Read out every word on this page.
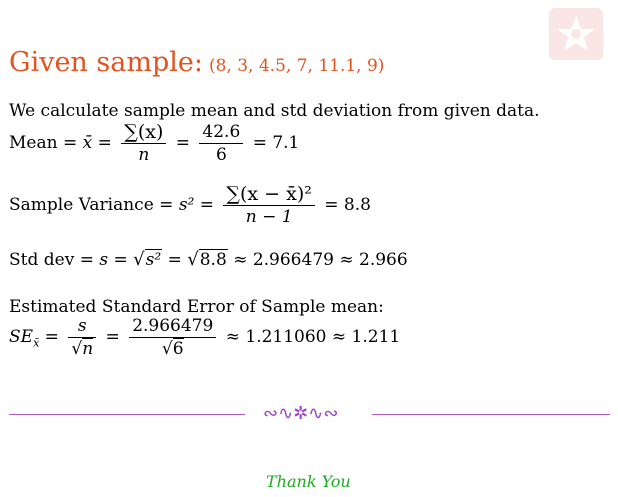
Given sample: (8, 3, 4.5, 7, 11.1, 9)
We calculate sample mean and std deviation from given data.
Mean = x̄ = $\frac{\sum(x)}{n} = \frac{42.6}{6} = 7.1$
Sample Variance = $s^2 = \frac{\text{∑(x − x̄)²}}{n - 1} = 8.8$
Std dev = s = √s² = √8.8 ≈ 2.966479 ≈ 2.966
Estimated Standard Error of Sample mean:
$SE_{x̄} = \frac{s}{√n} = \frac{2.966479}{√6} \approx 1.211060 \approx 1.211$
∾∿✲∿∾
Thank You
